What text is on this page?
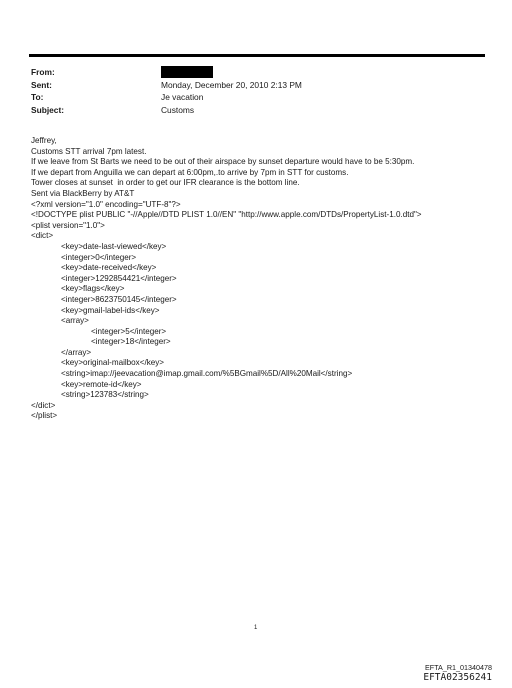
From:
Sent:	Monday, December 20, 2010 2:13 PM
To:	Je vacation
Subject:	Customs
Jeffrey,
Customs STT arrival 7pm latest.
If we leave from St Barts we need to be out of their airspace by sunset departure would have to be 5:30pm.
If we depart from Anguilla we can depart at 6:00pm,.to arrive by 7pm in STT for customs.
Tower closes at sunset  in order to get our IFR clearance is the bottom line.
Sent via BlackBerry by AT&T
<?xml version="1.0" encoding="UTF-8"?>
<!DOCTYPE plist PUBLIC "-//Apple//DTD PLIST 1.0//EN" "http://www.apple.com/DTDs/PropertyList-1.0.dtd">
<plist version="1.0">
<dict>
<key>date-last-viewed</key>
<integer>0</integer>
<key>date-received</key>
<integer>1292854421</integer>
<key>flags</key>
<integer>8623750145</integer>
<key>gmail-label-ids</key>
<array>
<integer>5</integer>
<integer>18</integer>
</array>
<key>original-mailbox</key>
<string>imap://jeevacation@imap.gmail.com/%5BGmail%5D/All%20Mail</string>
<key>remote-id</key>
<string>123783</string>
</dict>
</plist>
1
EFTA_R1_01340478
EFTA02356241
